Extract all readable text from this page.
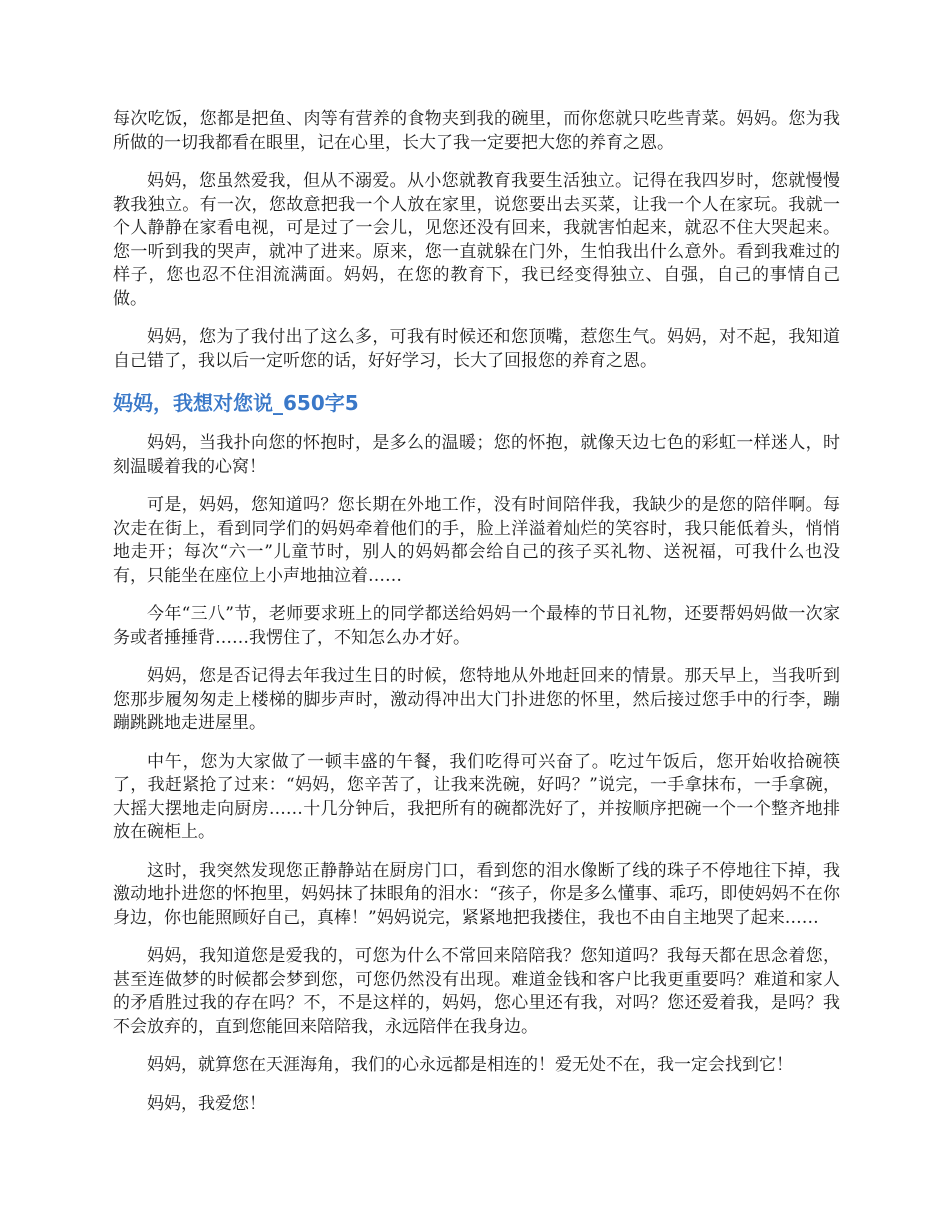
每次吃饭，您都是把鱼、肉等有营养的食物夹到我的碗里，而你您就只吃些青菜。妈妈。您为我所做的一切我都看在眼里，记在心里，长大了我一定要把大您的养育之恩。

妈妈，您虽然爱我，但从不溺爱。从小您就教育我要生活独立。记得在我四岁时，您就慢慢教我独立。有一次，您故意把我一个人放在家里，说您要出去买菜，让我一个人在家玩。我就一个人静静在家看电视，可是过了一会儿，见您还没有回来，我就害怕起来，就忍不住大哭起来。您一听到我的哭声，就冲了进来。原来，您一直就躲在门外，生怕我出什么意外。看到我难过的样子，您也忍不住泪流满面。妈妈，在您的教育下，我已经变得独立、自强，自己的事情自己做。

妈妈，您为了我付出了这么多，可我有时候还和您顶嘴，惹您生气。妈妈，对不起，我知道自己错了，我以后一定听您的话，好好学习，长大了回报您的养育之恩。

妈妈，我想对您说_650字5

妈妈，当我扑向您的怀抱时，是多么的温暖；您的怀抱，就像天边七色的彩虹一样迷人，时刻温暖着我的心窝！

可是，妈妈，您知道吗？您长期在外地工作，没有时间陪伴我，我缺少的是您的陪伴啊。每次走在街上，看到同学们的妈妈牵着他们的手，脸上洋溢着灿烂的笑容时，我只能低着头，悄悄地走开；每次“六一”儿童节时，别人的妈妈都会给自己的孩子买礼物、送祝福，可我什么也没有，只能坐在座位上小声地抽泣着……

今年“三八”节，老师要求班上的同学都送给妈妈一个最棒的节日礼物，还要帮妈妈做一次家务或者捶捶背……我愣住了，不知怎么办才好。

妈妈，您是否记得去年我过生日的时候，您特地从外地赶回来的情景。那天早上，当我听到您那步履匆匆走上楼梯的脚步声时，激动得冲出大门扑进您的怀里，然后接过您手中的行李，蹦蹦跳跳地走进屋里。

中午，您为大家做了一顿丰盛的午餐，我们吃得可兴奋了。吃过午饭后，您开始收拾碗筷了，我赶紧抢了过来：“妈妈，您辛苦了，让我来洗碗，好吗？”说完，一手拿抹布，一手拿碗，大摇大摆地走向厨房……十几分钟后，我把所有的碗都洗好了，并按顺序把碗一个一个整齐地排放在碗柜上。

这时，我突然发现您正静静站在厨房门口，看到您的泪水像断了线的珠子不停地往下掉，我激动地扑进您的怀抱里，妈妈抹了抹眼角的泪水：“孩子，你是多么懂事、乖巧，即使妈妈不在你身边，你也能照顾好自己，真棒！”妈妈说完，紧紧地把我搂住，我也不由自主地哭了起来……

妈妈，我知道您是爱我的，可您为什么不常回来陪陪我？您知道吗？我每天都在思念着您，甚至连做梦的时候都会梦到您，可您仍然没有出现。难道金钱和客户比我更重要吗？难道和家人的矛盾胜过我的存在吗？不，不是这样的，妈妈，您心里还有我，对吗？您还爱着我，是吗？我不会放弃的，直到您能回来陪陪我，永远陪伴在我身边。

妈妈，就算您在天涯海角，我们的心永远都是相连的！爱无处不在，我一定会找到它！

妈妈，我爱您！
